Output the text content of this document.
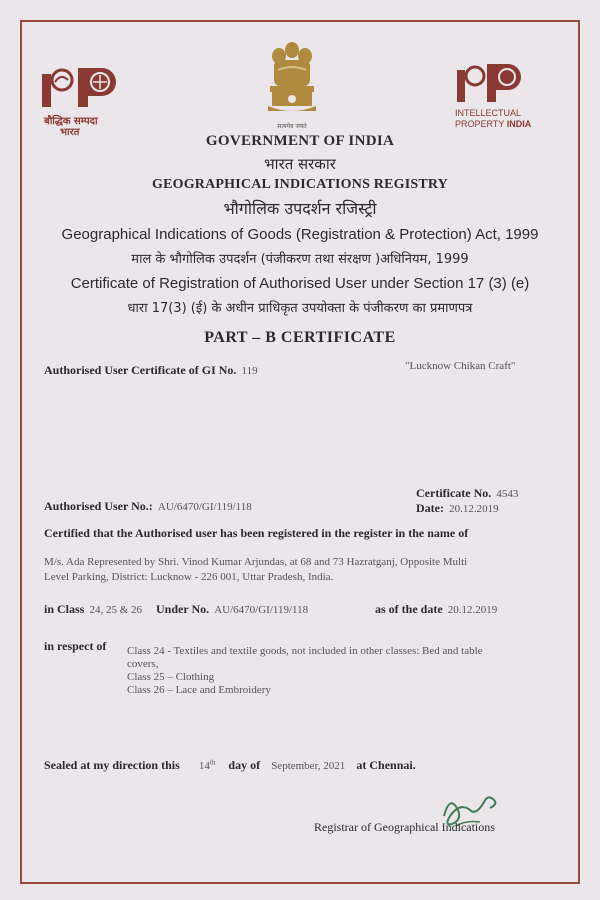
बौद्धिक सम्पदा
भारत
सत्यमेव जयते
INTELLECTUAL
PROPERTY INDIA
GOVERNMENT OF INDIA
भारत सरकार
GEOGRAPHICAL INDICATIONS REGISTRY
भौगोलिक उपदर्शन रजिस्ट्री
Geographical Indications of Goods (Registration & Protection) Act, 1999
माल के भौगोलिक उपदर्शन (पंजीकरण तथा संरक्षण )अधिनियम, 1999
Certificate of Registration of Authorised User under Section 17 (3) (e)
धारा 17(3) (ई) के अधीन प्राधिकृत उपयोक्ता के पंजीकरण का प्रमाणपत्र
PART – B CERTIFICATE
Authorised User Certificate of GI No. 119	"Lucknow Chikan Craft"
Certificate No. 4543
Authorised User No.: AU/6470/GI/119/118	Date: 20.12.2019
Certified that the Authorised user has been registered in the register in the name of
M/s. Ada Represented by Shri. Vinod Kumar Arjundas, at 68 and 73 Hazratganj, Opposite Multi
Level Parking, District: Lucknow - 226 001, Uttar Pradesh, India.
in Class 24, 25 & 26 Under No. AU/6470/GI/119/118	as of the date 20.12.2019
in respect of Class 24 - Textiles and textile goods, not included in other classes: Bed and table
covers,
Class 25 – Clothing
Class 26 – Lace and Embroidery
Sealed at my direction this 14th day of September, 2021 at Chennai.
Registrar of Geographical Indications
